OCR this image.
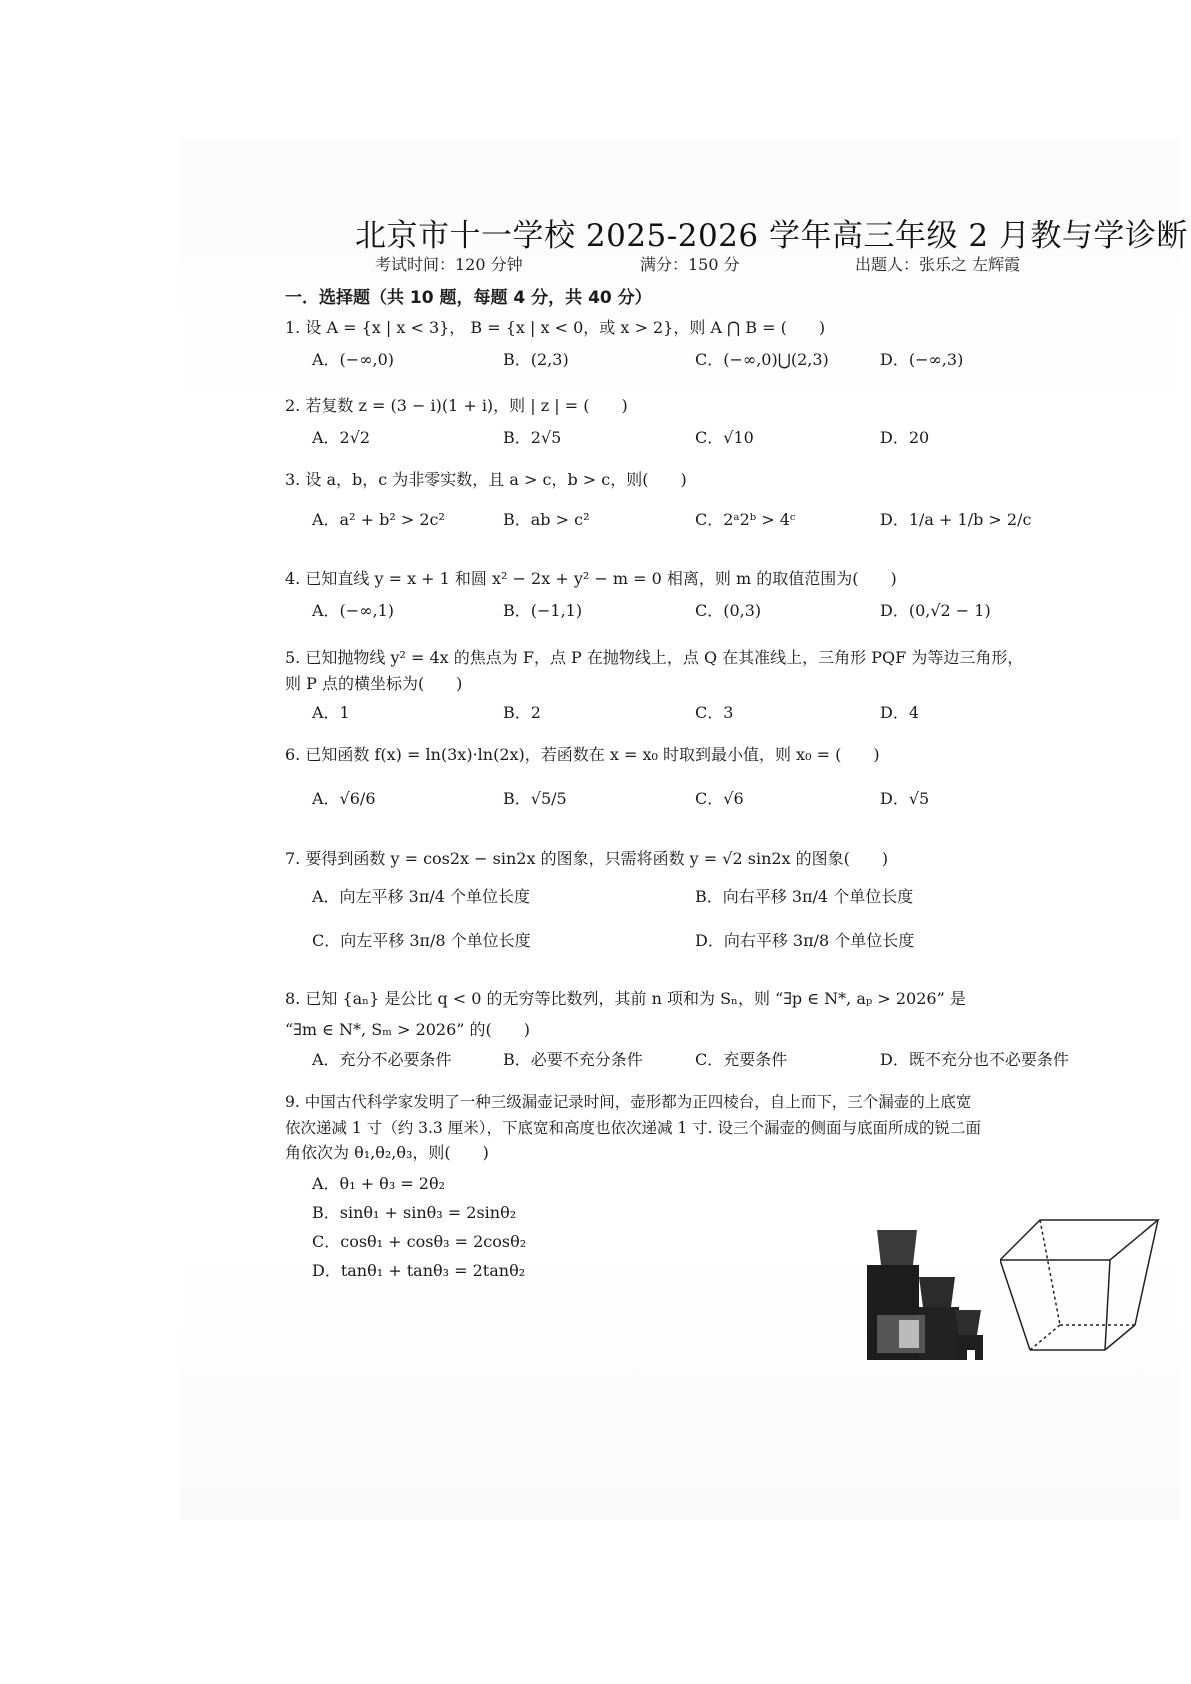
北京市十一学校 2025-2026 学年高三年级 2 月教与学诊断
考试时间：120 分钟	满分：150 分	出题人：张乐之 左辉霞
一．选择题（共 10 题，每题 4 分，共 40 分）
1. 设 A = {x | x < 3}， B = {x | x < 0，或 x > 2}，则 A ⋂ B = (　　)
A．(−∞,0)	B．(2,3)	C．(−∞,0)⋃(2,3)	D．(−∞,3)
2. 若复数 z = (3 − i)(1 + i)，则 | z | = (　　)
A．2√2	B．2√5	C．√10	D．20
3. 设 a，b，c 为非零实数，且 a > c，b > c，则(　　)
A．a² + b² > 2c²	B．ab > c²	C．2ᵃ2ᵇ > 4ᶜ	D．1/a + 1/b > 2/c
4. 已知直线 y = x + 1 和圆 x² − 2x + y² − m = 0 相离，则 m 的取值范围为(　　)
A．(−∞,1)	B．(−1,1)	C．(0,3)	D．(0,√2 − 1)
5. 已知抛物线 y² = 4x 的焦点为 F，点 P 在抛物线上，点 Q 在其准线上，三角形 PQF 为等边三角形，
则 P 点的横坐标为(　　)
A．1	B．2	C．3	D．4
6. 已知函数 f(x) = ln(3x)·ln(2x)，若函数在 x = x₀ 时取到最小值，则 x₀ = (　　)
A．√6/6	B．√5/5	C．√6	D．√5
7. 要得到函数 y = cos2x − sin2x 的图象，只需将函数 y = √2 sin2x 的图象(　　)
A．向左平移 3π/4 个单位长度	B．向右平移 3π/4 个单位长度
C．向左平移 3π/8 个单位长度	D．向右平移 3π/8 个单位长度
8. 已知 {aₙ} 是公比 q < 0 的无穷等比数列，其前 n 项和为 Sₙ，则 “∃p ∈ N*, aₚ > 2026” 是
“∃m ∈ N*, Sₘ > 2026” 的(　　)
A．充分不必要条件	B．必要不充分条件	C．充要条件	D．既不充分也不必要条件
9. 中国古代科学家发明了一种三级漏壶记录时间，壶形都为正四棱台，自上而下，三个漏壶的上底宽
依次递减 1 寸（约 3.3 厘米），下底宽和高度也依次递减 1 寸. 设三个漏壶的侧面与底面所成的锐二面
角依次为 θ₁,θ₂,θ₃，则(　　)
A．θ₁ + θ₃ = 2θ₂
B．sinθ₁ + sinθ₃ = 2sinθ₂
C．cosθ₁ + cosθ₃ = 2cosθ₂
D．tanθ₁ + tanθ₃ = 2tanθ₂
